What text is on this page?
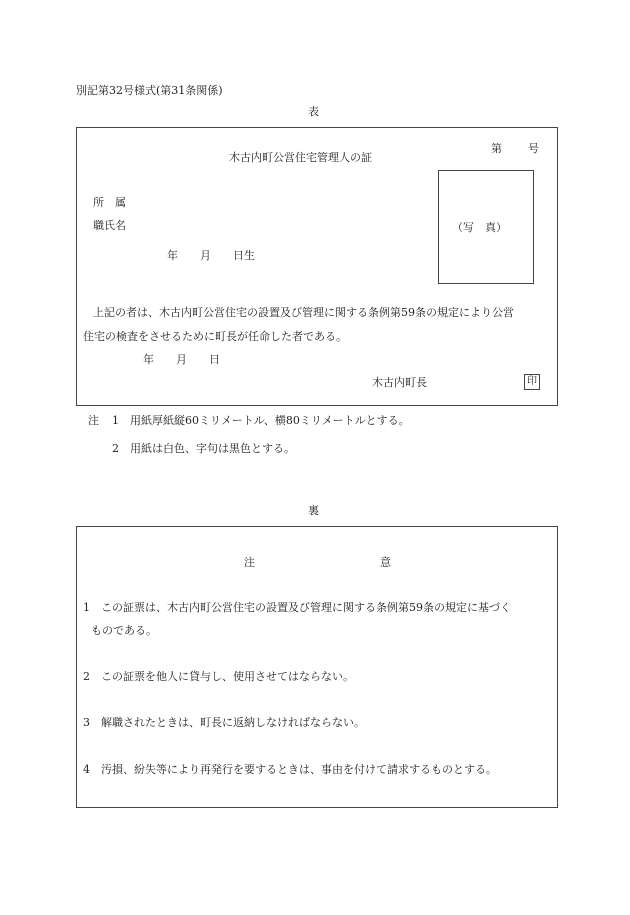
別記第32号様式(第31条関係)
表
木古内町公営住宅管理人の証
第 号
所　属
職氏名
年　　月　　日生
（写　真）
上記の者は、木古内町公営住宅の設置及び管理に関する条例第59条の規定により公営
住宅の検査をさせるために町長が任命した者である。
年　　月　　日
木古内町長	印
注 1 用紙厚紙縦60ミリメートル、横80ミリメートルとする。
2 用紙は白色、字句は黒色とする。
裏
注	意
1　この証票は、木古内町公営住宅の設置及び管理に関する条例第59条の規定に基づく
ものである。
2　この証票を他人に貸与し、使用させてはならない。
3　解職されたときは、町長に返納しなければならない。
4　汚損、紛失等により再発行を要するときは、事由を付けて請求するものとする。
